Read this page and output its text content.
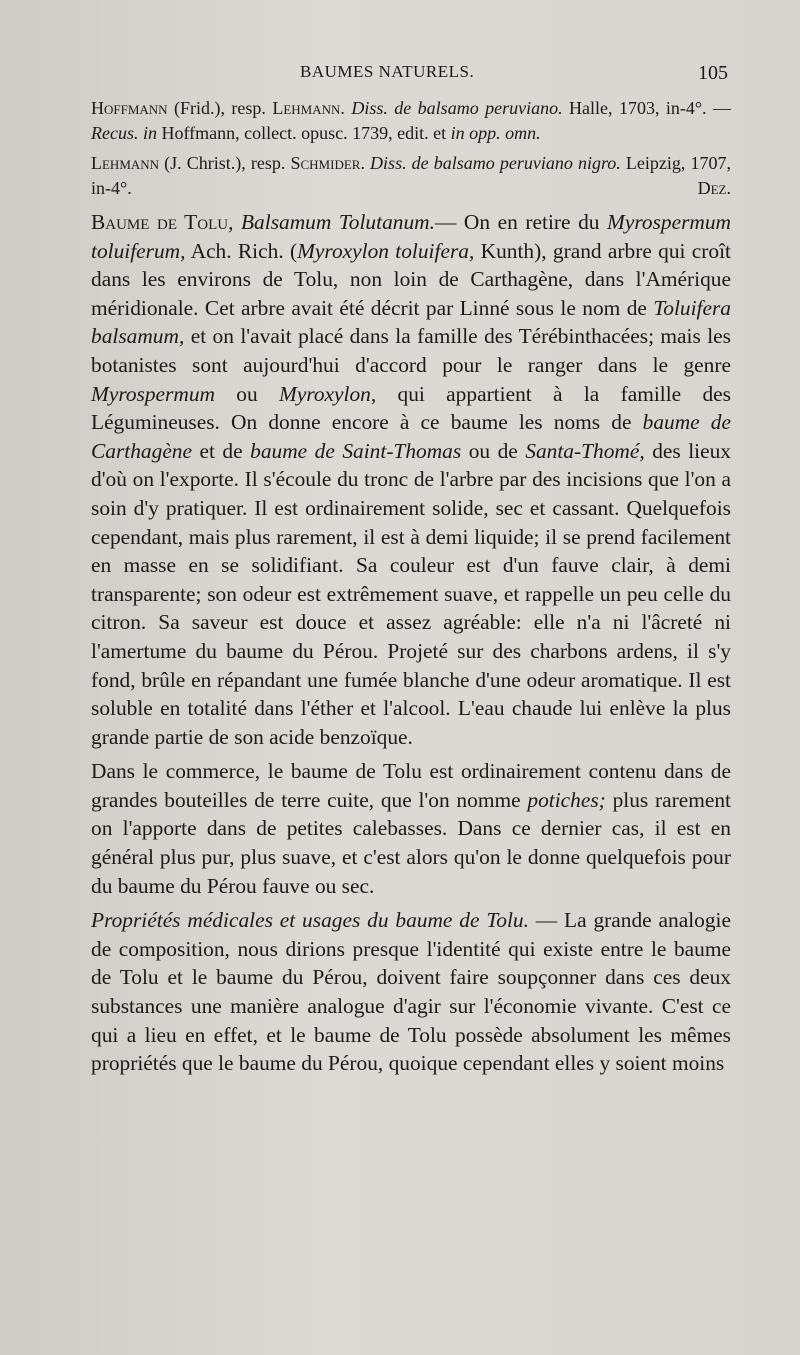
BAUMES NATURELS.	105

Hoffmann (Frid.), resp. Lehmann. Diss. de balsamo peruviano. Halle, 1703, in-4°. — Recus. in Hoffmann, collect. opusc. 1739, edit. et in opp. omn.

Lehmann (J. Christ.), resp. Schmider. Diss. de balsamo peruviano nigro. Leipzig, 1707, in-4°.	Dez.

Baume de Tolu, Balsamum Tolutanum.— On en retire du Myrospermum toluiferum, Ach. Rich. (Myroxylon toluifera, Kunth), grand arbre qui croît dans les environs de Tolu, non loin de Carthagène, dans l'Amérique méridionale. Cet arbre avait été décrit par Linné sous le nom de Toluifera balsamum, et on l'avait placé dans la famille des Térébinthacées; mais les botanistes sont aujourd'hui d'accord pour le ranger dans le genre Myrospermum ou Myroxylon, qui appartient à la famille des Légumineuses. On donne encore à ce baume les noms de baume de Carthagène et de baume de Saint-Thomas ou de Santa-Thomé, des lieux d'où on l'exporte. Il s'écoule du tronc de l'arbre par des incisions que l'on a soin d'y pratiquer. Il est ordinairement solide, sec et cassant. Quelquefois cependant, mais plus rarement, il est à demi liquide; il se prend facilement en masse en se solidifiant. Sa couleur est d'un fauve clair, à demi transparente; son odeur est extrêmement suave, et rappelle un peu celle du citron. Sa saveur est douce et assez agréable: elle n'a ni l'âcreté ni l'amertume du baume du Pérou. Projeté sur des charbons ardens, il s'y fond, brûle en répandant une fumée blanche d'une odeur aromatique. Il est soluble en totalité dans l'éther et l'alcool. L'eau chaude lui enlève la plus grande partie de son acide benzoïque.

Dans le commerce, le baume de Tolu est ordinairement contenu dans de grandes bouteilles de terre cuite, que l'on nomme potiches; plus rarement on l'apporte dans de petites calebasses. Dans ce dernier cas, il est en général plus pur, plus suave, et c'est alors qu'on le donne quelquefois pour du baume du Pérou fauve ou sec.

Propriétés médicales et usages du baume de Tolu. — La grande analogie de composition, nous dirions presque l'identité qui existe entre le baume de Tolu et le baume du Pérou, doivent faire soupçonner dans ces deux substances une manière analogue d'agir sur l'économie vivante. C'est ce qui a lieu en effet, et le baume de Tolu possède absolument les mêmes propriétés que le baume du Pérou, quoique cependant elles y soient moins
